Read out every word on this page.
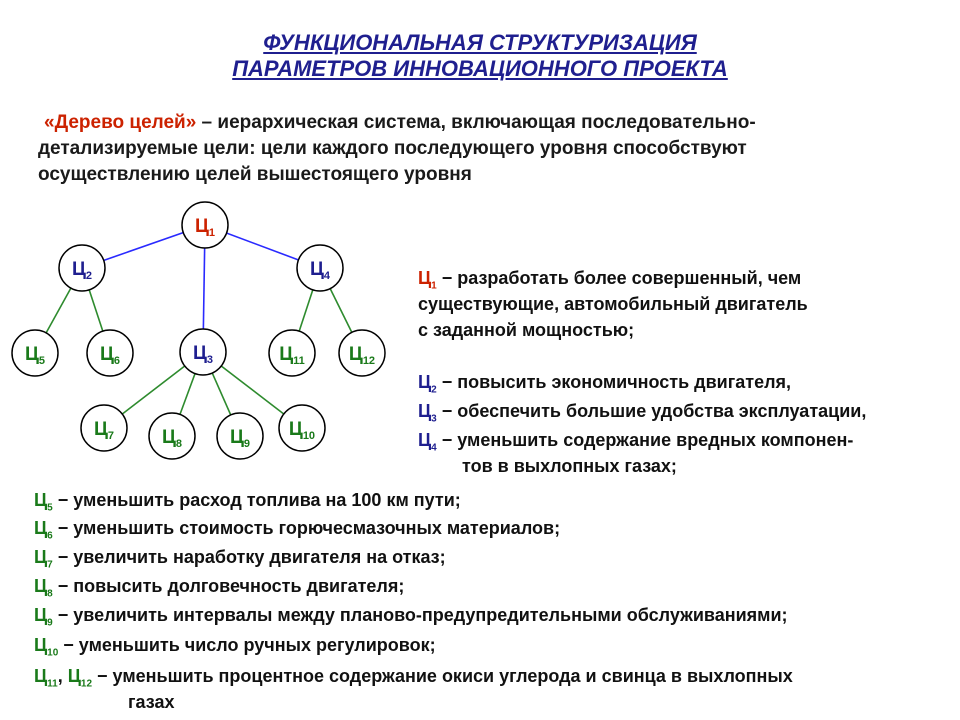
ФУНКЦИОНАЛЬНАЯ СТРУКТУРИЗАЦИЯ
ПАРАМЕТРОВ ИННОВАЦИОННОГО ПРОЕКТА
«Дерево целей» – иерархическая система, включающая последовательно-
детализируемые цели: цели каждого последующего уровня способствуют
осуществлению целей вышестоящего уровня
$Ц_1$
$Ц_2$
$Ц_3$
$Ц_4$
$Ц_5$	$Ц_6$
$Ц_7$	$Ц_8$	$Ц_9$
$Ц_{10}$
$Ц_{11}$ $Ц_{12}$
$Ц_1$ − разработать более совершенный, чем
существующие, автомобильный двигатель
с заданной мощностью;
$Ц_2$ − повысить экономичность двигателя,
$Ц_3$ − обеспечить большие удобства эксплуатации,
$Ц_4$ − уменьшить содержание вредных компонен-
тов в выхлопных газах;
$Ц_5$ − уменьшить расход топлива на 100 км пути;
$Ц_6$ − уменьшить стоимость горючесмазочных материалов;
$Ц_7$ − увеличить наработку двигателя на отказ;
$Ц_8$ − повысить долговечность двигателя;
$Ц_9$ − увеличить интервалы между планово-предупредительными обслуживаниями;
$Ц_{10}$ − уменьшить число ручных регулировок;
$Ц_{11}$, $Ц_{12}$ − уменьшить процентное содержание окиси углерода и свинца в выхлопных
газах
